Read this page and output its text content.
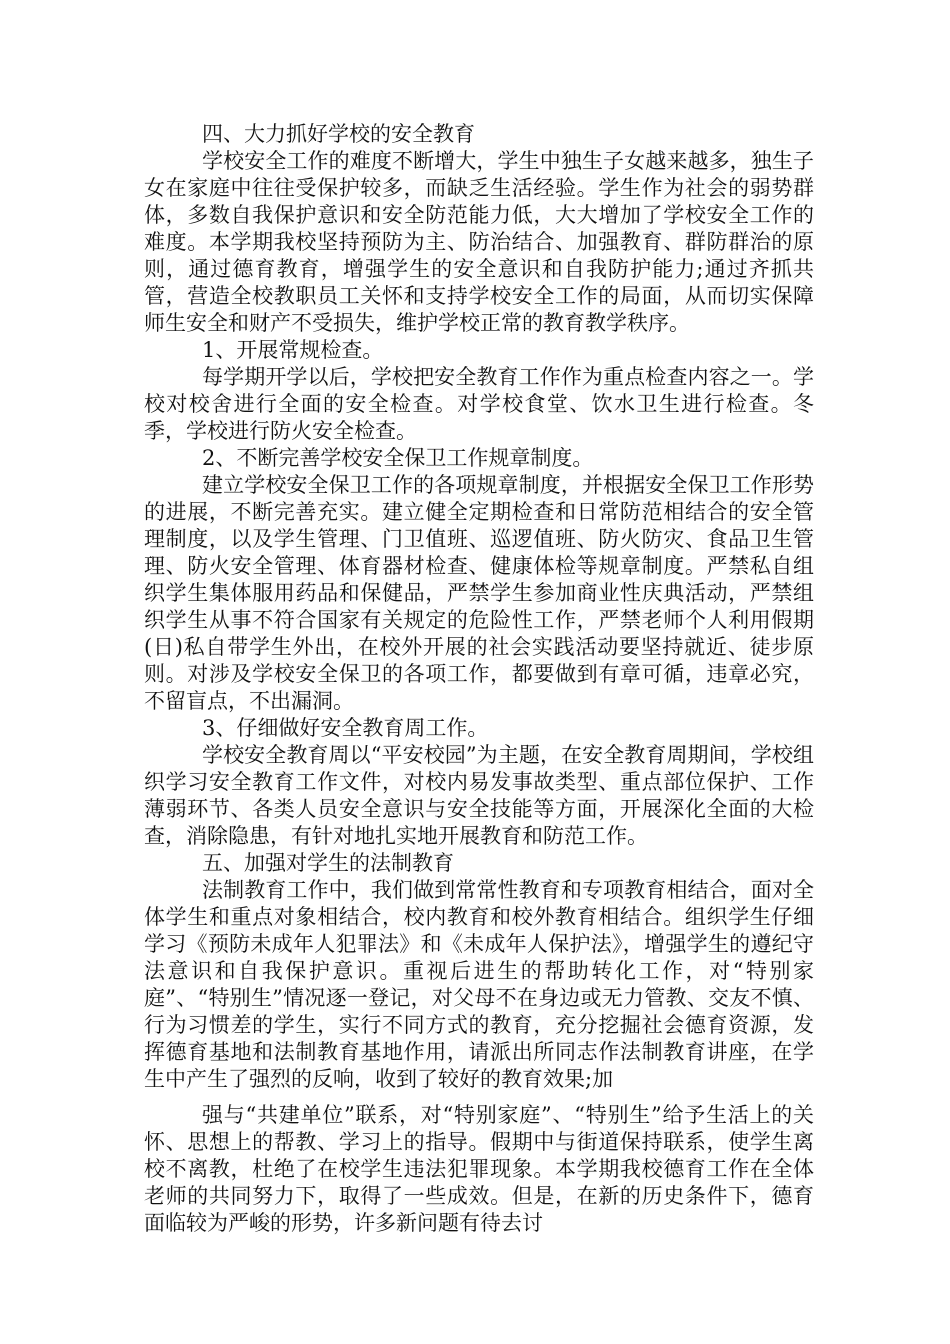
四、大力抓好学校的安全教育

学校安全工作的难度不断增大，学生中独生子女越来越多，独生子女在家庭中往往受保护较多，而缺乏生活经验。学生作为社会的弱势群体，多数自我保护意识和安全防范能力低，大大增加了学校安全工作的难度。本学期我校坚持预防为主、防治结合、加强教育、群防群治的原则，通过德育教育，增强学生的安全意识和自我防护能力;通过齐抓共管，营造全校教职员工关怀和支持学校安全工作的局面，从而切实保障师生安全和财产不受损失，维护学校正常的教育教学秩序。

1、开展常规检查。

每学期开学以后，学校把安全教育工作作为重点检查内容之一。学校对校舍进行全面的安全检查。对学校食堂、饮水卫生进行检查。冬季，学校进行防火安全检查。

2、不断完善学校安全保卫工作规章制度。

建立学校安全保卫工作的各项规章制度，并根据安全保卫工作形势的进展，不断完善充实。建立健全定期检查和日常防范相结合的安全管理制度，以及学生管理、门卫值班、巡逻值班、防火防灾、食品卫生管理、防火安全管理、体育器材检查、健康体检等规章制度。严禁私自组织学生集体服用药品和保健品，严禁学生参加商业性庆典活动，严禁组织学生从事不符合国家有关规定的危险性工作，严禁老师个人利用假期(日)私自带学生外出，在校外开展的社会实践活动要坚持就近、徒步原则。对涉及学校安全保卫的各项工作，都要做到有章可循，违章必究，不留盲点，不出漏洞。

3、仔细做好安全教育周工作。

学校安全教育周以“平安校园”为主题，在安全教育周期间，学校组织学习安全教育工作文件，对校内易发事故类型、重点部位保护、工作薄弱环节、各类人员安全意识与安全技能等方面，开展深化全面的大检查，消除隐患，有针对地扎实地开展教育和防范工作。

五、加强对学生的法制教育

法制教育工作中，我们做到常常性教育和专项教育相结合，面对全体学生和重点对象相结合，校内教育和校外教育相结合。组织学生仔细学习《预防未成年人犯罪法》和《未成年人保护法》，增强学生的遵纪守法意识和自我保护意识。重视后进生的帮助转化工作，对“特别家庭”、“特别生”情况逐一登记，对父母不在身边或无力管教、交友不慎、行为习惯差的学生，实行不同方式的教育，充分挖掘社会德育资源，发挥德育基地和法制教育基地作用，请派出所同志作法制教育讲座，在学生中产生了强烈的反响，收到了较好的教育效果;加

强与“共建单位”联系，对“特别家庭”、“特别生”给予生活上的关怀、思想上的帮教、学习上的指导。假期中与街道保持联系，使学生离校不离教，杜绝了在校学生违法犯罪现象。本学期我校德育工作在全体老师的共同努力下，取得了一些成效。但是，在新的历史条件下，德育面临较为严峻的形势，许多新问题有待去讨
